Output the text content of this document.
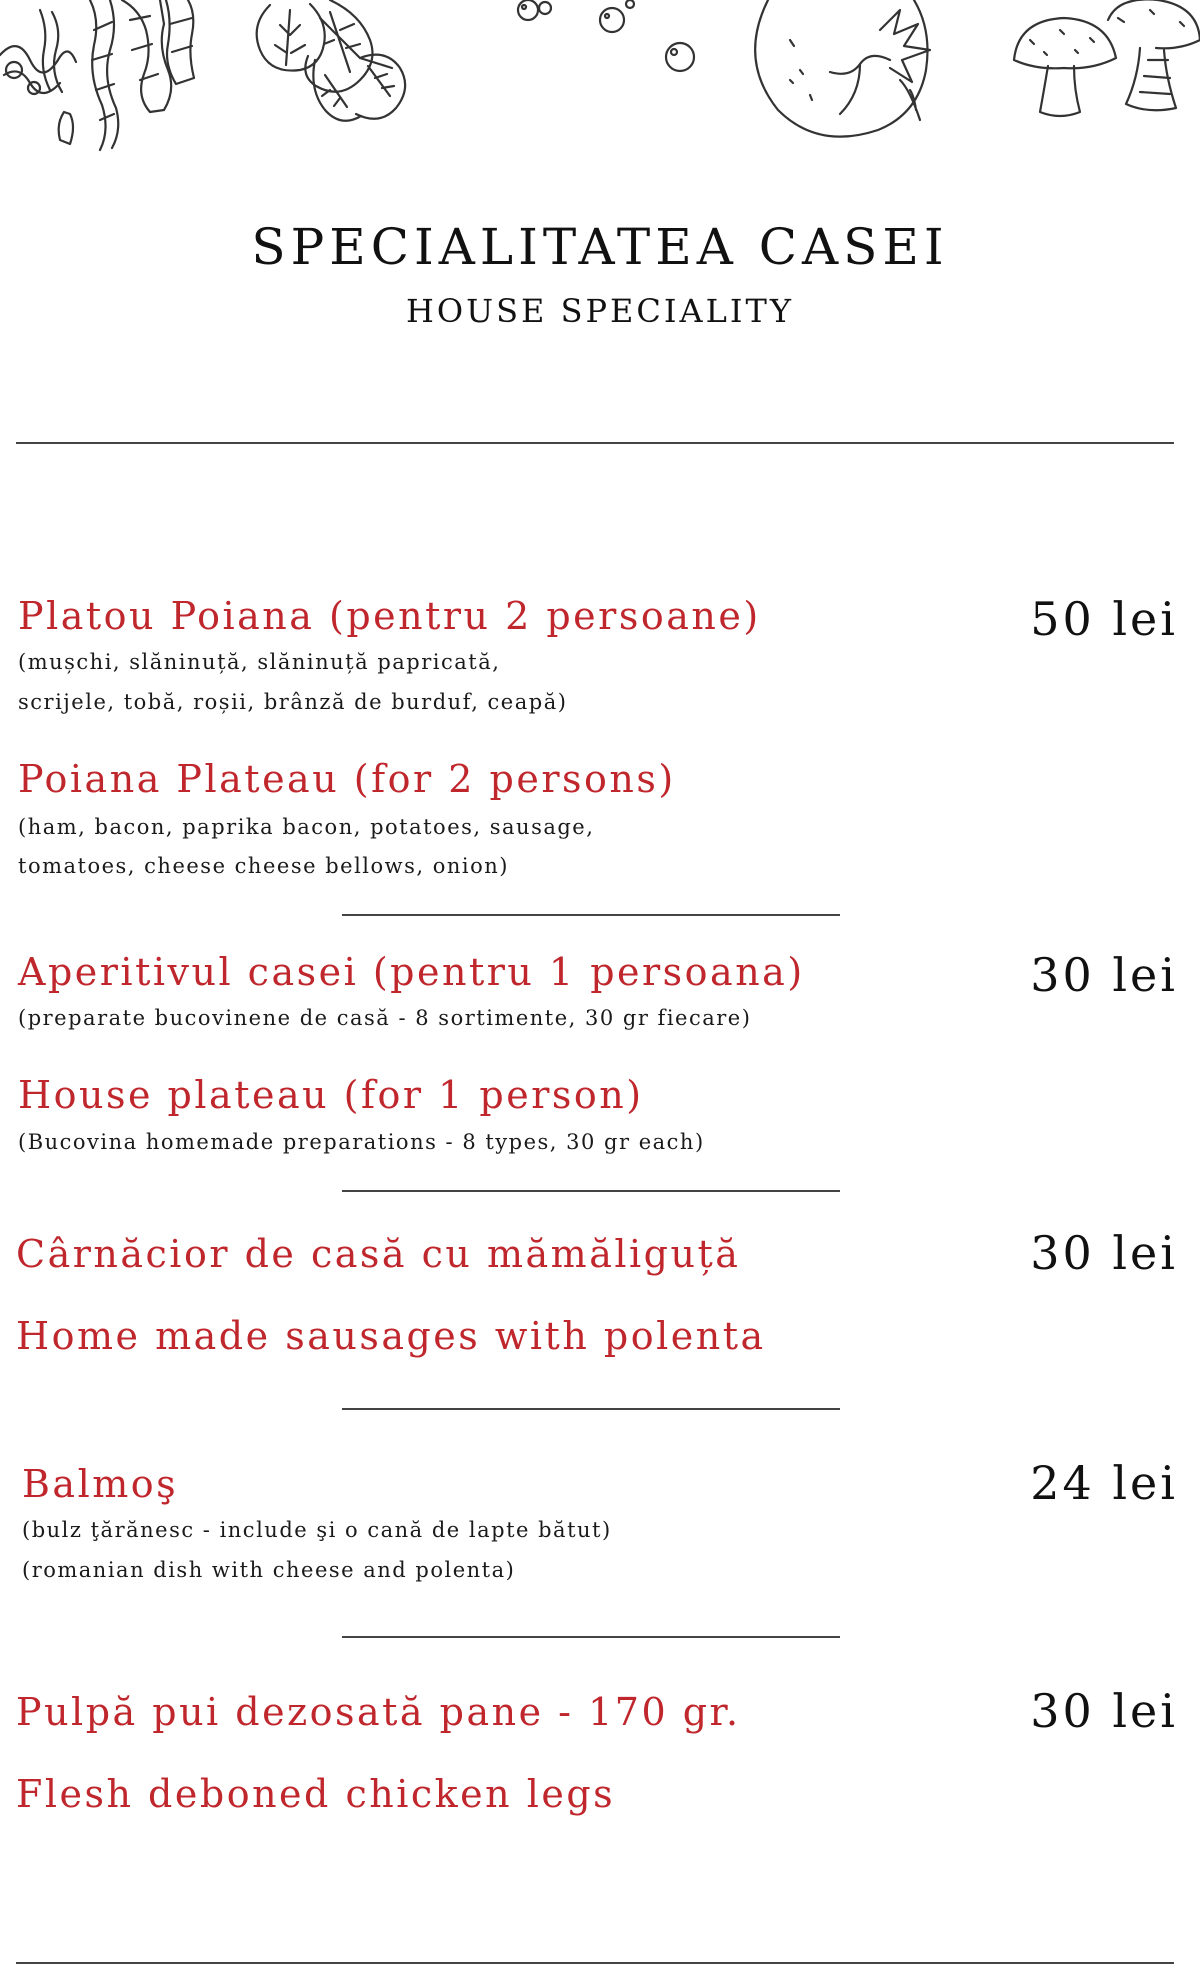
SPECIALITATEA CASEI
HOUSE SPECIALITY
Platou Poiana (pentru 2 persoane)	50 lei
(mușchi, slăninuță, slăninuță papricată,
scrijele, tobă, roșii, brânză de burduf, ceapă)
Poiana Plateau (for 2 persons)
(ham, bacon, paprika bacon, potatoes, sausage,
tomatoes, cheese cheese bellows, onion)
Aperitivul casei (pentru 1 persoana)	30 lei
(preparate bucovinene de casă - 8 sortimente, 30 gr fiecare)
House plateau (for 1 person)
(Bucovina homemade preparations - 8 types, 30 gr each)
Cârnăcior de casă cu mămăliguță	30 lei
Home made sausages with polenta
Balmoş	24 lei
(bulz ţărănesc - include şi o cană de lapte bătut)
(romanian dish with cheese and polenta)
Pulpă pui dezosată pane - 170 gr.	30 lei
Flesh deboned chicken legs
